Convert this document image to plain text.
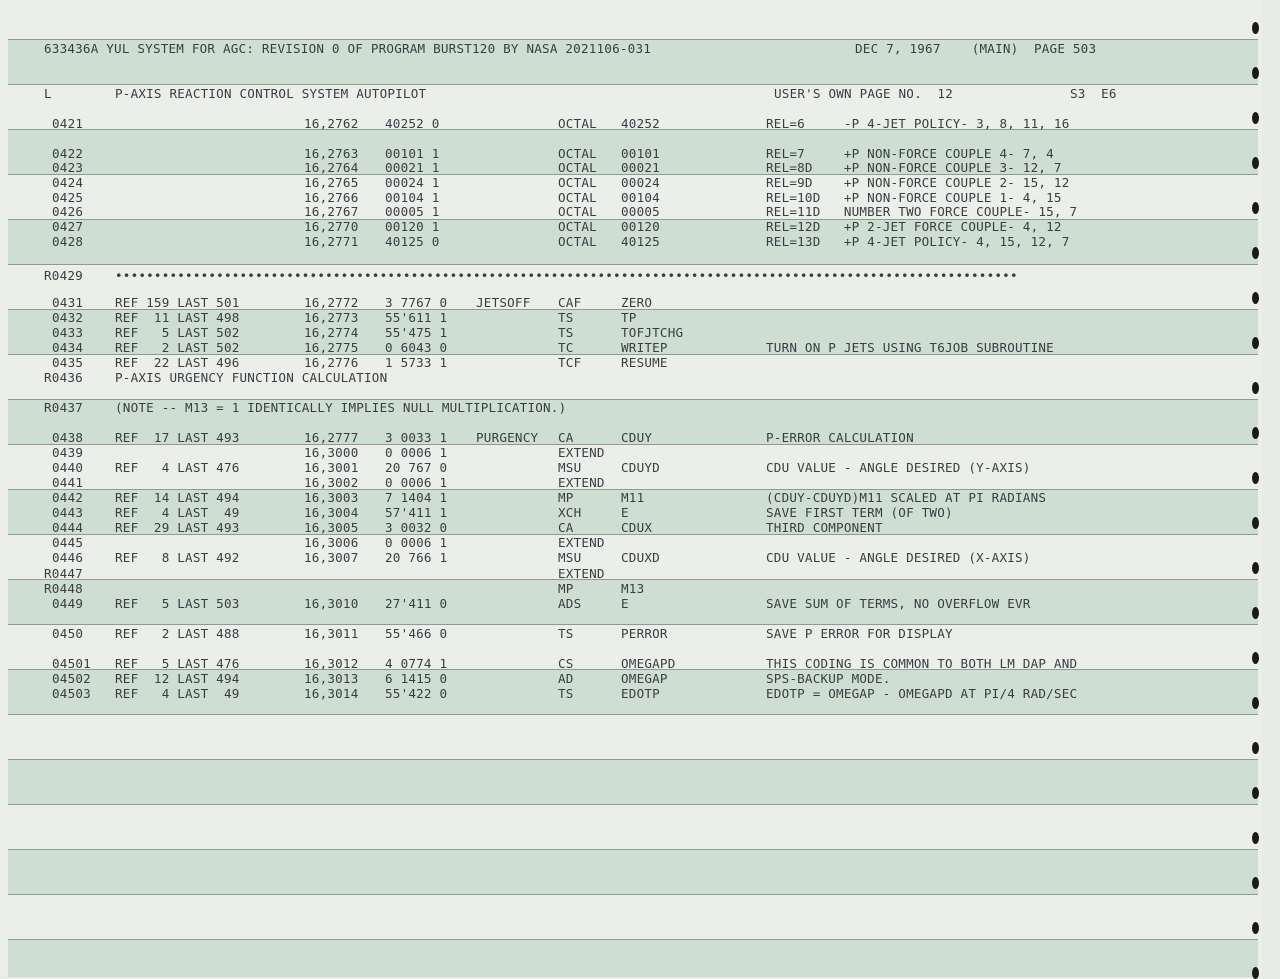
633436A YUL SYSTEM FOR AGC: REVISION 0 OF PROGRAM BURST120 BY NASA 2021106-031	DEC 7, 1967    (MAIN)  PAGE 503
L	P-AXIS REACTION CONTROL SYSTEM AUTOPILOT	USER'S OWN PAGE NO.  12	S3  E6
0421	16,2762 40252 0	OCTAL 40252	REL=6     -P 4-JET POLICY- 3, 8, 11, 16
0422	16,2763 00101 1	OCTAL 00101	REL=7     +P NON-FORCE COUPLE 4- 7, 4
0423	16,2764 00021 1	OCTAL 00021	REL=8D    +P NON-FORCE COUPLE 3- 12, 7
0424	16,2765 00024 1	OCTAL 00024	REL=9D    +P NON-FORCE COUPLE 2- 15, 12
0425	16,2766 00104 1	OCTAL 00104	REL=10D   +P NON-FORCE COUPLE 1- 4, 15
0426	16,2767 00005 1	OCTAL 00005	REL=11D   NUMBER TWO FORCE COUPLE- 15, 7
0427	16,2770 00120 1	OCTAL 00120	REL=12D   +P 2-JET FORCE COUPLE- 4, 12
0428	16,2771 40125 0	OCTAL 40125	REL=13D   +P 4-JET POLICY- 4, 15, 12, 7
R0429	••••••••••••••••••••••••••••••••••••••••••••••••••••••••••••••••••••••••••••••••••••••••••••••••••••••••••••••••••••
0431	REF 159 LAST 501	16,2772 3 7767 0 JETSOFF CAF	ZERO
0432	REF  11 LAST 498	16,2773 55'611 1	TS	TP
0433	REF   5 LAST 502	16,2774 55'475 1	TS	TOFJTCHG
0434	REF   2 LAST 502	16,2775 0 6043 0	TC	WRITEP	TURN ON P JETS USING T6JOB SUBROUTINE
0435	REF  22 LAST 496	16,2776 1 5733 1	TCF	RESUME
R0436	P-AXIS URGENCY FUNCTION CALCULATION
R0437	(NOTE -- M13 = 1 IDENTICALLY IMPLIES NULL MULTIPLICATION.)
0438	REF  17 LAST 493	16,2777 3 0033 1 PURGENCY CA	CDUY	P-ERROR CALCULATION
0439	16,3000 0 0006 1	EXTEND
0440	REF   4 LAST 476	16,3001 20 767 0	MSU	CDUYD	CDU VALUE - ANGLE DESIRED (Y-AXIS)
0441	16,3002 0 0006 1	EXTEND
0442	REF  14 LAST 494	16,3003 7 1404 1	MP	M11	(CDUY-CDUYD)M11 SCALED AT PI RADIANS
0443	REF   4 LAST  49	16,3004 57'411 1	XCH	E	SAVE FIRST TERM (OF TWO)
0444	REF  29 LAST 493	16,3005 3 0032 0	CA	CDUX	THIRD COMPONENT
0445	16,3006 0 0006 1	EXTEND
0446	REF   8 LAST 492	16,3007 20 766 1	MSU	CDUXD	CDU VALUE - ANGLE DESIRED (X-AXIS)
R0447	EXTEND
R0448	MP	M13
0449	REF   5 LAST 503	16,3010 27'411 0	ADS	E	SAVE SUM OF TERMS, NO OVERFLOW EVR
0450	REF   2 LAST 488	16,3011 55'466 0	TS	PERROR	SAVE P ERROR FOR DISPLAY
04501 REF   5 LAST 476	16,3012 4 0774 1	CS	OMEGAPD	THIS CODING IS COMMON TO BOTH LM DAP AND
04502 REF  12 LAST 494	16,3013 6 1415 0	AD	OMEGAP	SPS-BACKUP MODE.
04503 REF   4 LAST  49	16,3014 55'422 0	TS	EDOTP	EDOTP = OMEGAP - OMEGAPD AT PI/4 RAD/SEC
